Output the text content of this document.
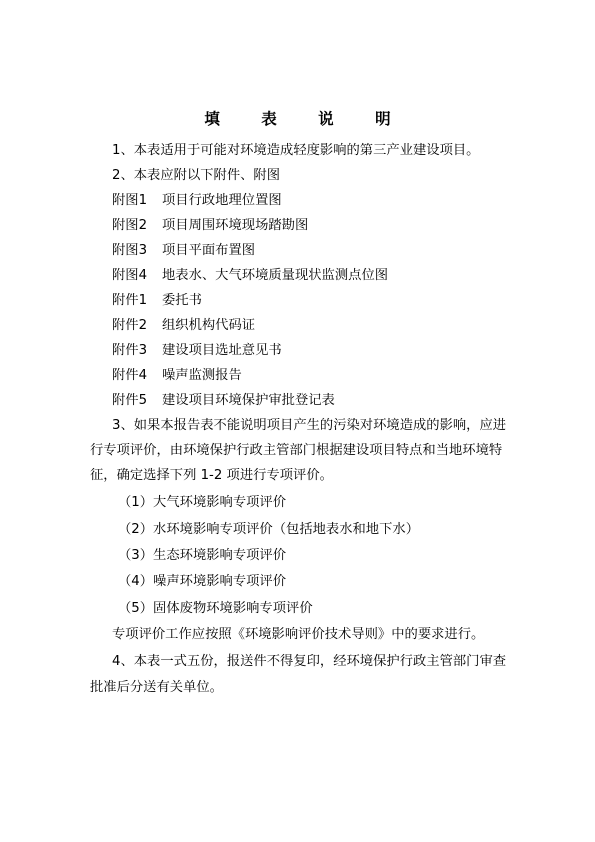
填 表 说 明
1、本表适用于可能对环境造成轻度影响的第三产业建设项目。
2、本表应附以下附件、附图
附图1 项目行政地理位置图
附图2 项目周围环境现场踏勘图
附图3 项目平面布置图
附图4 地表水、大气环境质量现状监测点位图
附件1 委托书
附件2 组织机构代码证
附件3 建设项目选址意见书
附件4 噪声监测报告
附件5 建设项目环境保护审批登记表
3、如果本报告表不能说明项目产生的污染对环境造成的影响，应进
行专项评价，由环境保护行政主管部门根据建设项目特点和当地环境特
征，确定选择下列 1-2 项进行专项评价。
（1）大气环境影响专项评价
（2）水环境影响专项评价（包括地表水和地下水）
（3）生态环境影响专项评价
（4）噪声环境影响专项评价
（5）固体废物环境影响专项评价
专项评价工作应按照《环境影响评价技术导则》中的要求进行。
4、本表一式五份，报送件不得复印，经环境保护行政主管部门审查
批准后分送有关单位。
